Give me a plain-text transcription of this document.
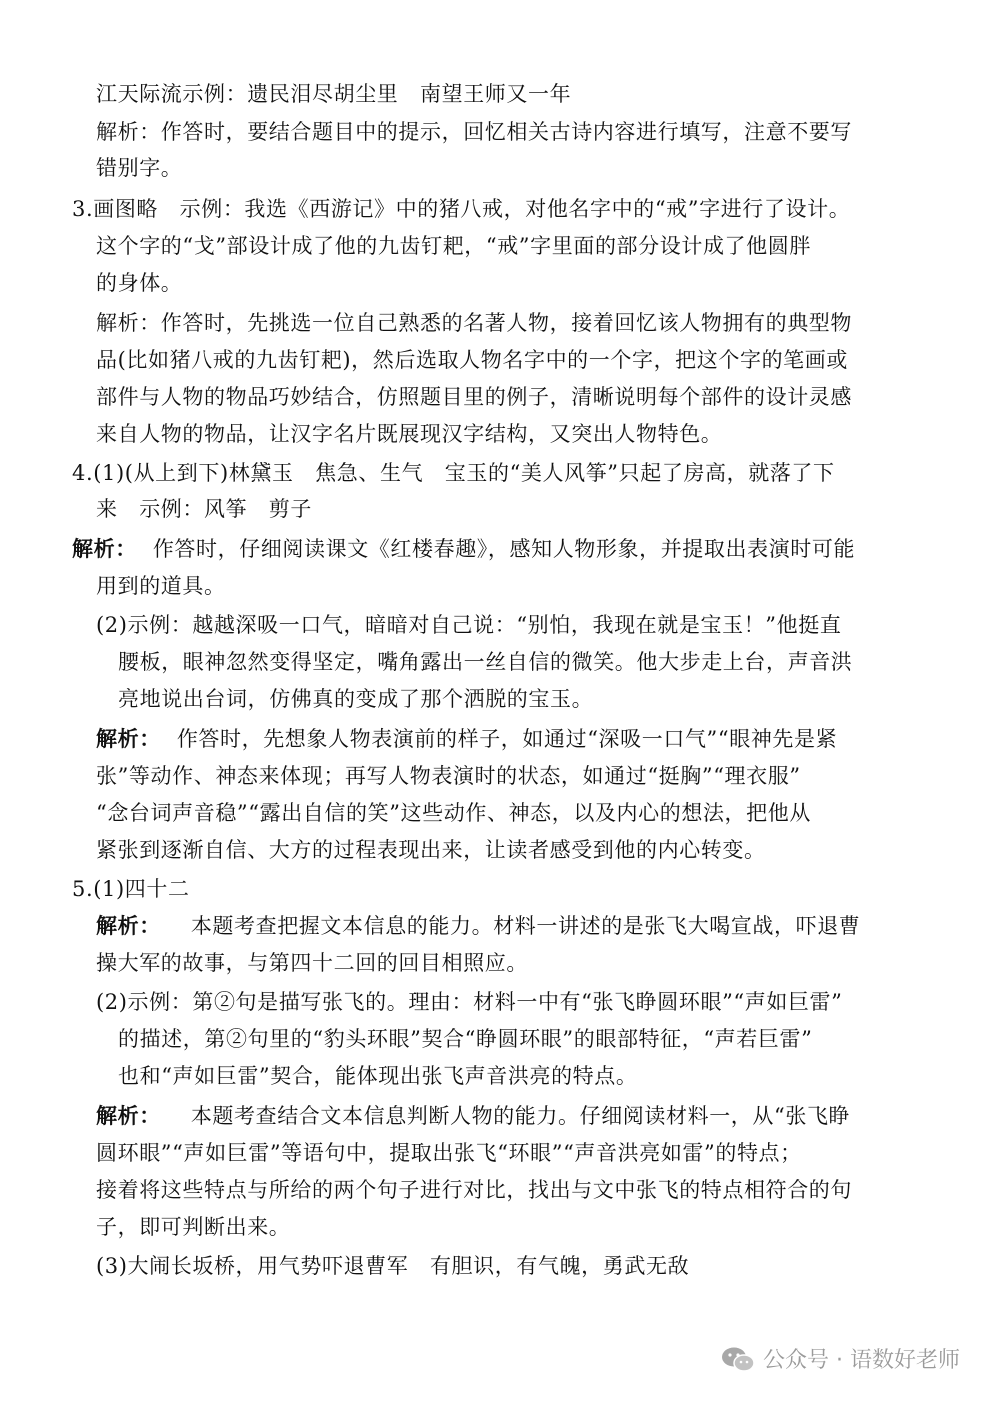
江天际流示例：遗民泪尽胡尘里　南望王师又一年
解析：作答时，要结合题目中的提示，回忆相关古诗内容进行填写，注意不要写
错别字。
3.画图略　示例：我选《西游记》中的猪八戒，对他名字中的“戒”字进行了设计。
这个字的“戈”部设计成了他的九齿钉耙，“戒”字里面的部分设计成了他圆胖
的身体。
解析：作答时，先挑选一位自己熟悉的名著人物，接着回忆该人物拥有的典型物
品(比如猪八戒的九齿钉耙)，然后选取人物名字中的一个字，把这个字的笔画或
部件与人物的物品巧妙结合，仿照题目里的例子，清晰说明每个部件的设计灵感
来自人物的物品，让汉字名片既展现汉字结构，又突出人物特色。
4.(1)(从上到下)林黛玉　焦急、生气　宝玉的“美人风筝”只起了房高，就落了下
来　示例：风筝　剪子
解析： 作答时，仔细阅读课文《红楼春趣》，感知人物形象，并提取出表演时可能
用到的道具。
(2)示例：越越深吸一口气，暗暗对自己说：“别怕，我现在就是宝玉！”他挺直
腰板，眼神忽然变得坚定，嘴角露出一丝自信的微笑。他大步走上台，声音洪
亮地说出台词，仿佛真的变成了那个洒脱的宝玉。
解析： 作答时，先想象人物表演前的样子，如通过“深吸一口气”“眼神先是紧
张”等动作、神态来体现；再写人物表演时的状态，如通过“挺胸”“理衣服”
“念台词声音稳”“露出自信的笑”这些动作、神态，以及内心的想法，把他从
紧张到逐渐自信、大方的过程表现出来，让读者感受到他的内心转变。
5.(1)四十二
解析： 本题考查把握文本信息的能力。材料一讲述的是张飞大喝宣战，吓退曹
操大军的故事，与第四十二回的回目相照应。
(2)示例：第②句是描写张飞的。理由：材料一中有“张飞睁圆环眼”“声如巨雷”
的描述，第②句里的“豹头环眼”契合“睁圆环眼”的眼部特征，“声若巨雷”
也和“声如巨雷”契合，能体现出张飞声音洪亮的特点。
解析： 本题考查结合文本信息判断人物的能力。仔细阅读材料一，从“张飞睁
圆环眼”“声如巨雷”等语句中，提取出张飞“环眼”“声音洪亮如雷”的特点；
接着将这些特点与所给的两个句子进行对比，找出与文中张飞的特点相符合的句
子，即可判断出来。
(3)大闹长坂桥，用气势吓退曹军　有胆识，有气魄，勇武无敌
公众号 · 语数好老师
